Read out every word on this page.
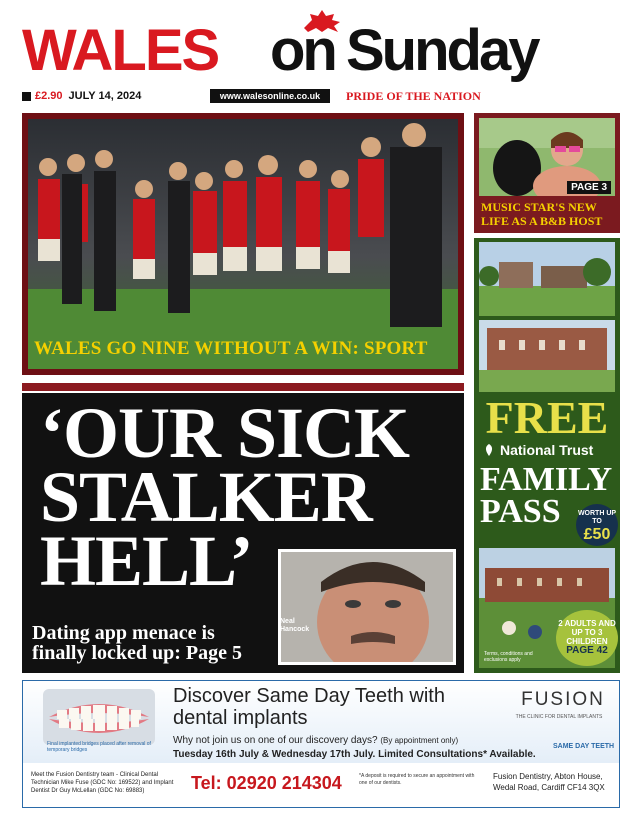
WALES on Sunday
£2.90 JULY 14, 2024	www.walesonline.co.uk	PRIDE OF THE NATION
WALES GO NINE WITHOUT A WIN: SPORT
PAGE 3
MUSIC STAR'S NEW LIFE AS A B&B HOST
FREE
National Trust
FAMILY
PASS	WORTH UP TO
£50
2 ADULTS AND UP TO 3 CHILDREN
PAGE 42
Terms, conditions and exclusions apply
‘OUR SICK
STALKER
HELL’
Neal Hancock
Dating app menace is finally locked up: Page 5
Final implanted bridges placed after removal of temporary bridges
Discover Same Day Teeth with dental implants
FUSION
THE CLINIC FOR DENTAL IMPLANTS
Why not join us on one of our discovery days? (By appointment only)
Tuesday 16th July & Wednesday 17th July. Limited Consultations* Available.
SAME DAY TEETH
Meet the Fusion Dentistry team - Clinical Dental Technician Mike Fuse (GDC No: 169522) and Implant Dentist Dr Guy McLellan (GDC No: 69883)	Tel: 02920 214304	*A deposit is required to secure an appointment with one of our dentists.
Fusion Dentistry, Abton House, Wedal Road, Cardiff CF14 3QX
